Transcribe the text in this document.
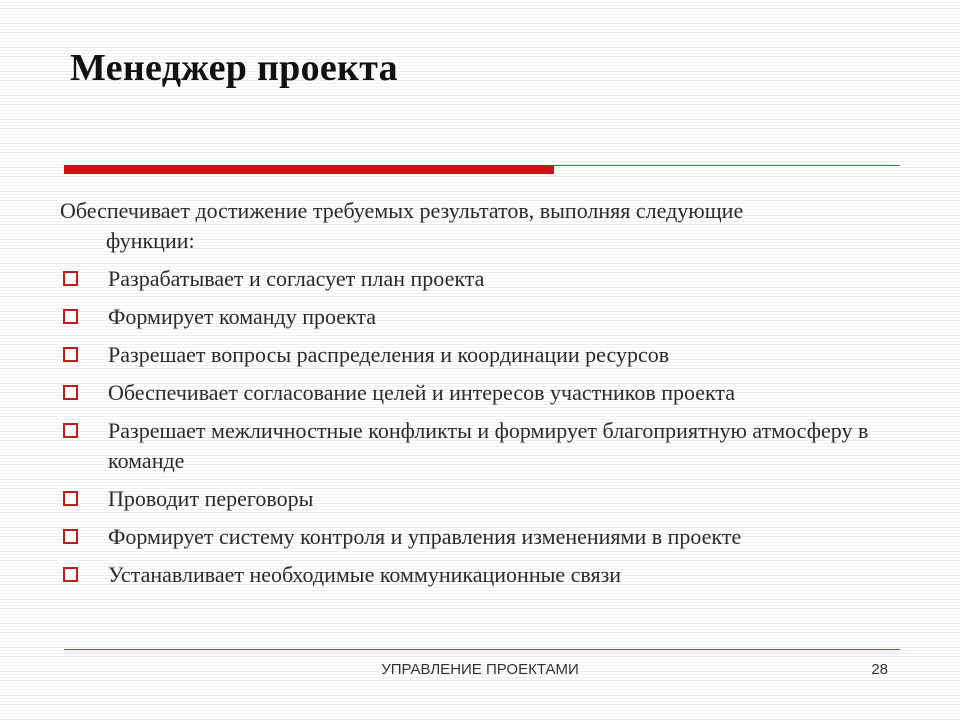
Менеджер проекта
Обеспечивает достижение требуемых результатов, выполняя следующие
функции:
Разрабатывает и согласует план проекта
Формирует команду проекта
Разрешает вопросы распределения и координации ресурсов
Обеспечивает согласование целей и интересов участников проекта
Разрешает межличностные конфликты и формирует благоприятную атмосферу в команде
Проводит переговоры
Формирует систему контроля и управления изменениями в проекте
Устанавливает необходимые коммуникационные связи
УПРАВЛЕНИЕ ПРОЕКТАМИ	28
